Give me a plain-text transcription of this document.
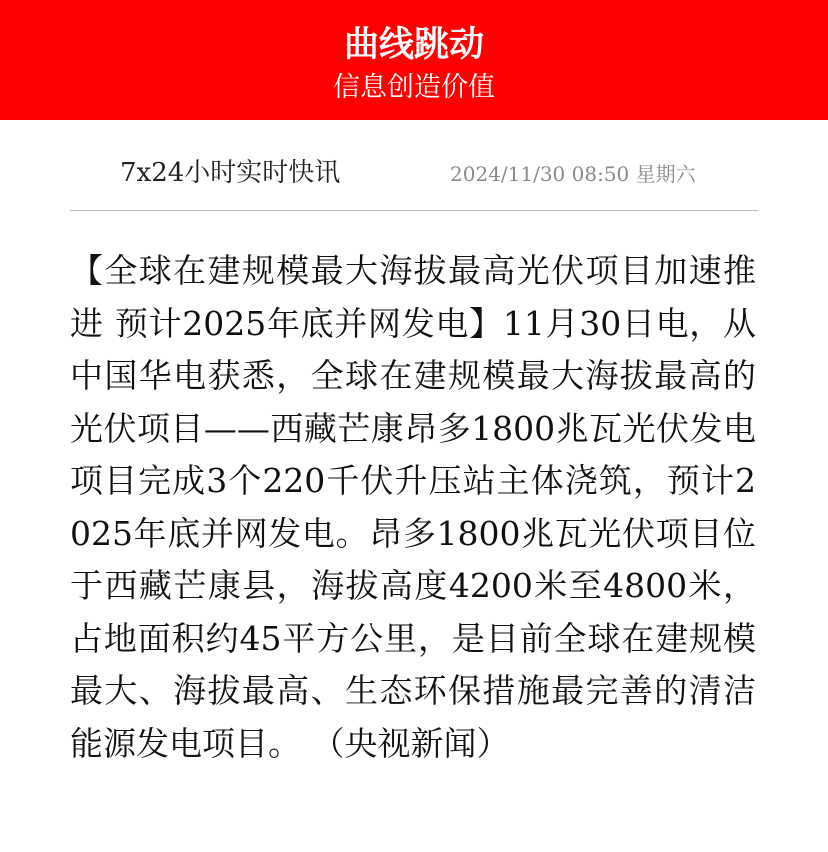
曲线跳动
信息创造价值
7x24小时实时快讯	2024/11/30 08:50 星期六
【全球在建规模最大海拔最高光伏项目加速推进 预计2025年底并网发电】11月30日电，从中国华电获悉，全球在建规模最大海拔最高的光伏项目——西藏芒康昂多1800兆瓦光伏发电项目完成3个220千伏升压站主体浇筑，预计2025年底并网发电。昂多1800兆瓦光伏项目位于西藏芒康县，海拔高度4200米至4800米，占地面积约45平方公里，是目前全球在建规模最大、海拔最高、生态环保措施最完善的清洁能源发电项目。 （央视新闻）
